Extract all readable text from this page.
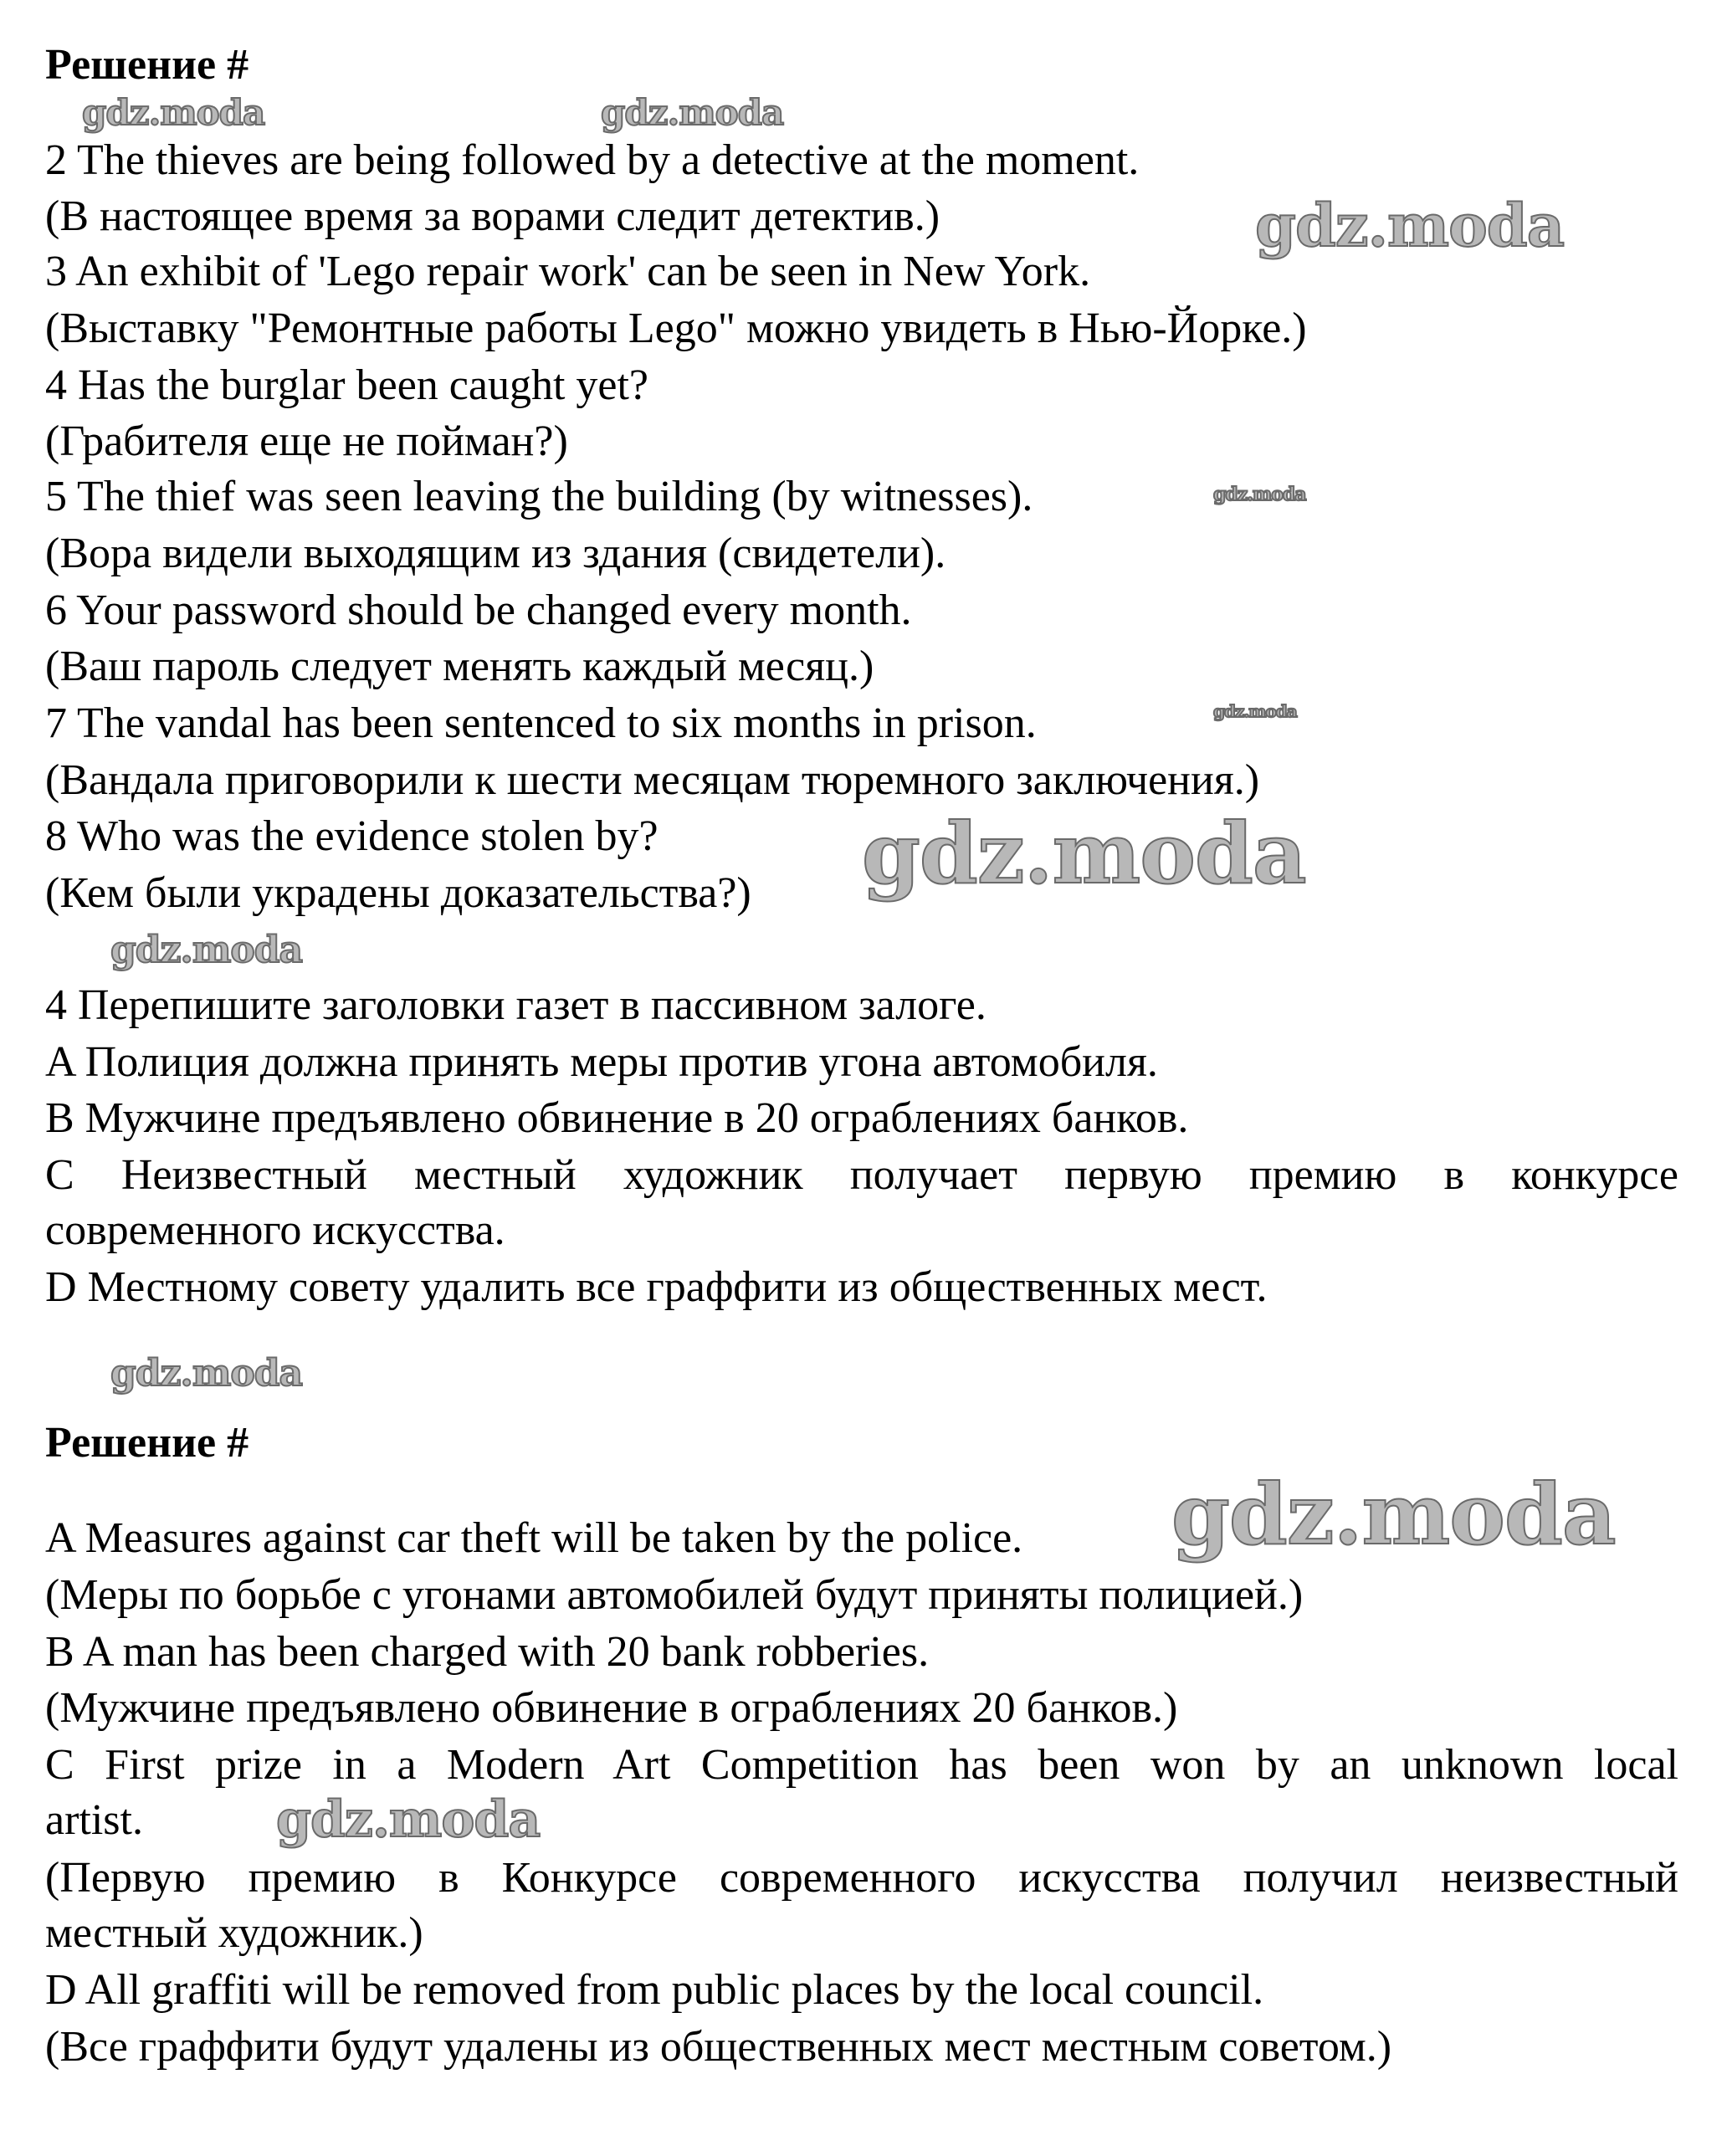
Решение #
2 The thieves are being followed by a detective at the moment.
(В настоящее время за ворами следит детектив.)
3 An exhibit of 'Lego repair work' can be seen in New York.
(Выставку "Ремонтные работы Lego" можно увидеть в Нью-Йорке.)
4 Has the burglar been caught yet?
(Грабителя еще не пойман?)
5 The thief was seen leaving the building (by witnesses).
(Вора видели выходящим из здания (свидетели).
6 Your password should be changed every month.
(Ваш пароль следует менять каждый месяц.)
7 The vandal has been sentenced to six months in prison.
(Вандала приговорили к шести месяцам тюремного заключения.)
8 Who was the evidence stolen by?
(Кем были украдены доказательства?)
4 Перепишите заголовки газет в пассивном залоге.
A Полиция должна принять меры против угона автомобиля.
B Мужчине предъявлено обвинение в 20 ограблениях банков.
C Неизвестный местный художник получает первую премию в конкурсе
современного искусства.
D Местному совету удалить все граффити из общественных мест.
Решение #
A Measures against car theft will be taken by the police.
(Меры по борьбе с угонами автомобилей будут приняты полицией.)
B A man has been charged with 20 bank robberies.
(Мужчине предъявлено обвинение в ограблениях 20 банков.)
C First prize in a Modern Art Competition has been won by an unknown local
artist.
(Первую премию в Конкурсе современного искусства получил неизвестный
местный художник.)
D All graffiti will be removed from public places by the local council.
(Все граффити будут удалены из общественных мест местным советом.)
gdz.moda	gdz.moda
gdz.moda
gdz.moda
gdz.moda
gdz.moda
gdz.moda
gdz.moda
gdz.moda
gdz.moda
